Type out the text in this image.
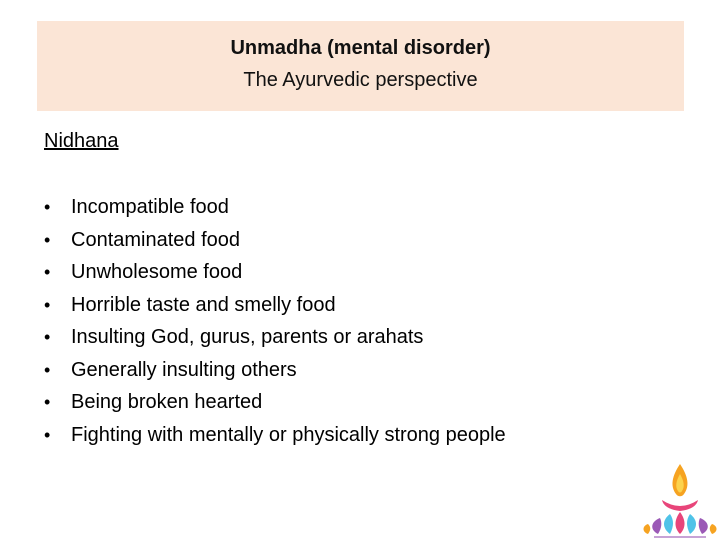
Unmadha (mental disorder)
The Ayurvedic perspective
Nidhana
• Incompatible food
• Contaminated food
• Unwholesome food
• Horrible taste and smelly food
• Insulting God, gurus, parents or arahats
• Generally insulting others
• Being broken hearted
• Fighting with mentally or physically strong people
